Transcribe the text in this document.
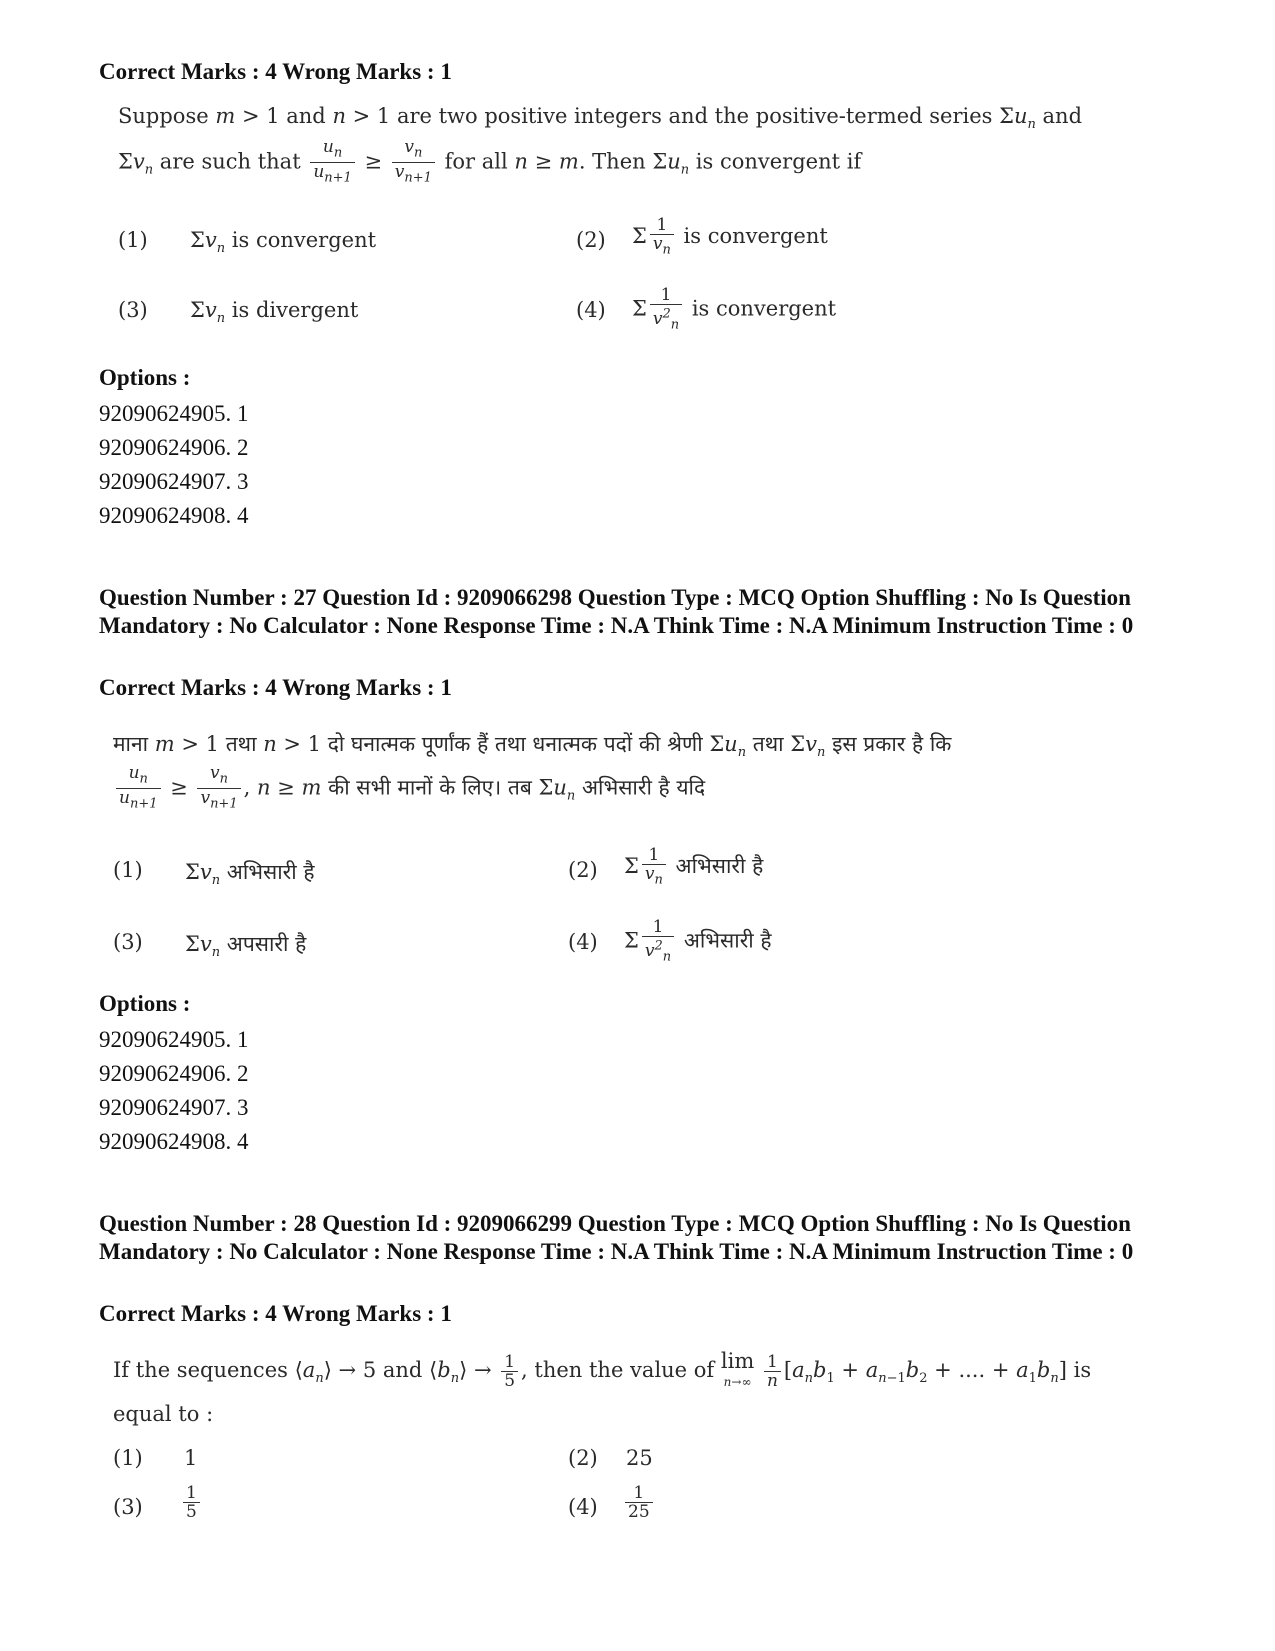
Correct Marks : 4 Wrong Marks : 1
Suppose m > 1 and n > 1 are two positive integers and the positive-termed series $\Sigma u_n$ and
$\Sigma v_n$ are such that $\frac{u_n}{u_{n+1}} \ge \frac{v_n}{v_{n+1}}$ for all n ≥ m. Then $\Sigma u_n$ is convergent if
(1) $\Sigma v_n$ is convergent	(2) Σ $\frac{1}{v_n}$ is convergent
(3) $\Sigma v_n$ is divergent	(4) Σ $\frac{1}{v^2_n}$ is convergent
Options :
92090624905. 1
92090624906. 2
92090624907. 3
92090624908. 4
Question Number : 27 Question Id : 9209066298 Question Type : MCQ Option Shuffling : No Is Question Mandatory : No Calculator : None Response Time : N.A Think Time : N.A Minimum Instruction Time : 0
Correct Marks : 4 Wrong Marks : 1
माना m > 1 तथा n > 1 दो घनात्मक पूर्णांक हैं तथा धनात्मक पदों की श्रेणी $\Sigma u_n$ तथा $\Sigma v_n$ इस प्रकार है कि
$\frac{u_n}{u_{n+1}} \ge \frac{v_n}{v_{n+1}}$ , n ≥ m की सभी मानों के लिए। तब $\Sigma u_n$ अभिसारी है यदि
(1) $\Sigma v_n$ अभिसारी है	(2) Σ $\frac{1}{v_n}$ अभिसारी है
(3) $\Sigma v_n$ अपसारी है	(4) Σ $\frac{1}{v^2_n}$ अभिसारी है
Options :
92090624905. 1
92090624906. 2
92090624907. 3
92090624908. 4
Question Number : 28 Question Id : 9209066299 Question Type : MCQ Option Shuffling : No Is Question Mandatory : No Calculator : None Response Time : N.A Think Time : N.A Minimum Instruction Time : 0
Correct Marks : 4 Wrong Marks : 1
If the sequences $⟨a_n⟩ \to 5$ and $⟨b_n⟩ \to \frac{1}{5}$ , then the value of lim
$n\to\infty \frac{1}{n} [a_nb_1 + a_{n-1}b_2$ + .... + $a_1b_n$] is
equal to :
(1) 1	(2) 25
$(3) \frac{1}{5}$	$(4) \frac{1}{25}$
